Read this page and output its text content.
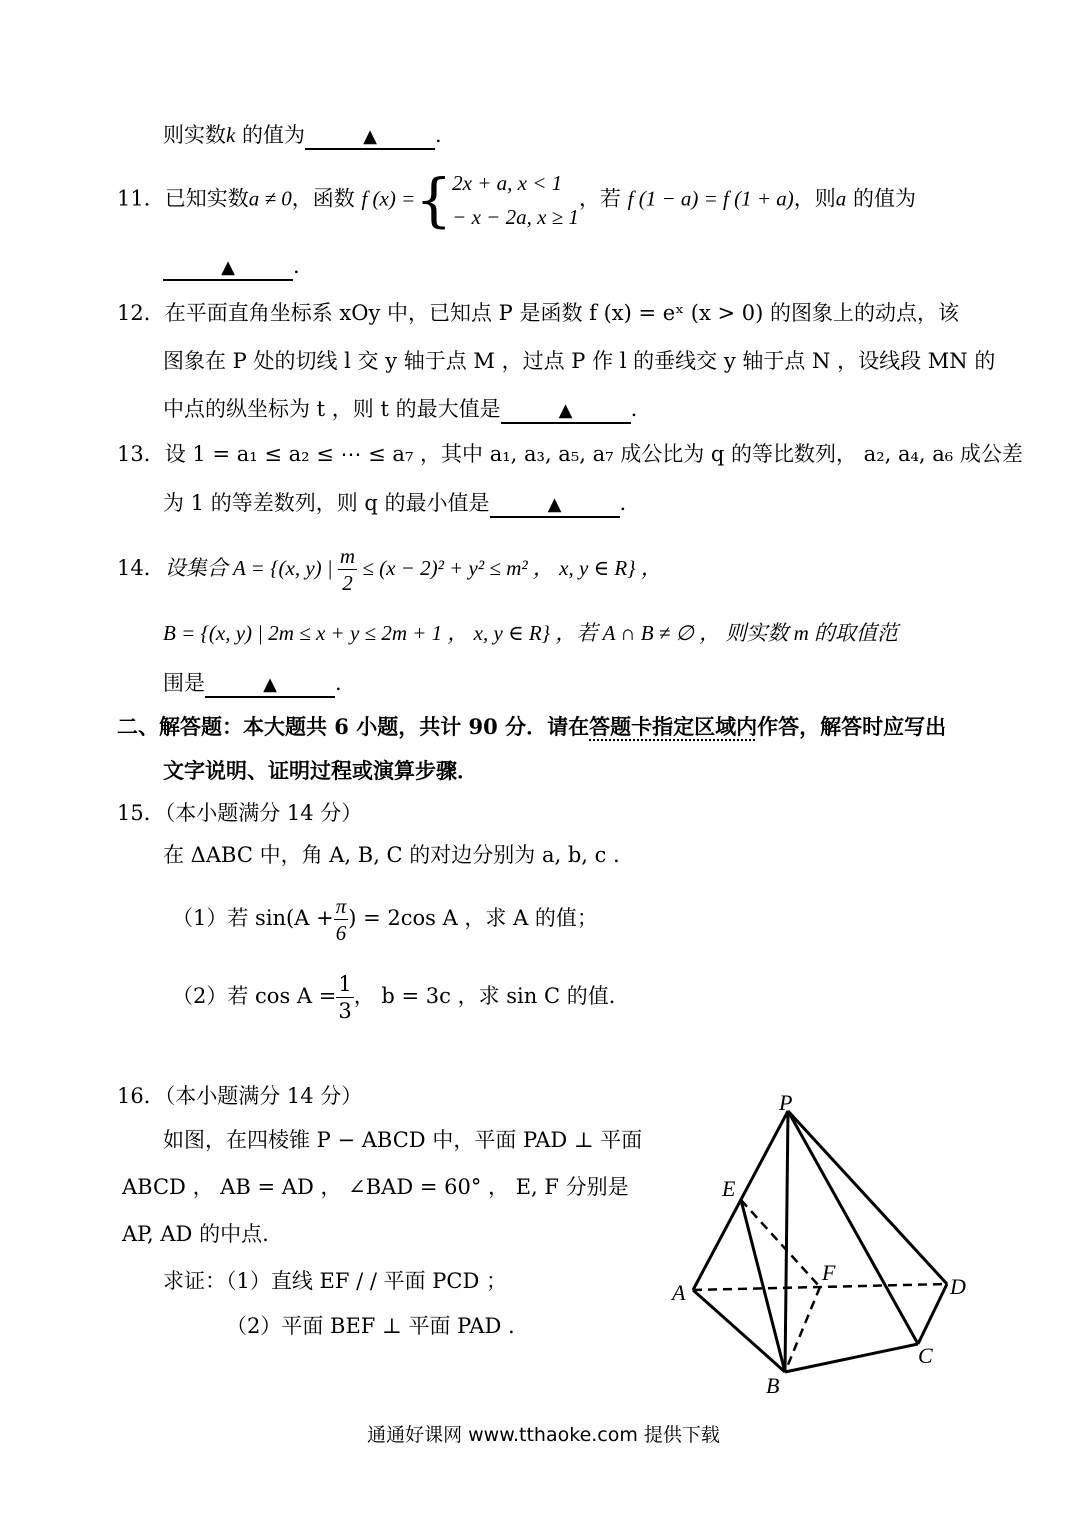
则实数k 的值为	▲	.
11．已知实数a ≠ 0，函数 f (x) ={ 2x + a, x < 1
− x − 2a, x ≥ 1
，若 f (1 − a) = f (1 + a)，则a 的值为
▲	.
12．在平面直角坐标系 xOy 中，已知点 P 是函数 f (x) = eˣ (x > 0) 的图象上的动点，该
图象在 P 处的切线 l 交 y 轴于点 M ，过点 P 作 l 的垂线交 y 轴于点 N ，设线段 MN 的
中点的纵坐标为 t ，则 t 的最大值是	▲	.
13．设 1 = a₁ ≤ a₂ ≤ ⋯ ≤ a₇ ，其中 a₁, a₃, a₅, a₇ 成公比为 q 的等比数列， a₂, a₄, a₆ 成公差
为 1 的等差数列，则 q 的最小值是	▲	.
14．设集合 A = {(x, y) | $\frac{m}{2} \le (x - 2)^2 + y^2 \le m^2$ ， x, y ∈ R} ，
B = {(x, y) | 2m ≤ x + y ≤ 2m + 1 ， x, y ∈ R} ，若 A ∩ B ≠ ∅ ， 则实数 m 的取值范
围是	▲	.
二、解答题：本大题共 6 小题，共计 90 分．请在答题卡指定区域内作答，解答时应写出
文字说明、证明过程或演算步骤．
15．（本小题满分 14 分）
在 ΔABC 中，角 A, B, C 的对边分别为 a, b, c ．
（1）若 $\sin(A + \frac{\pi}{6}$ ) = 2cos A ，求 A 的值；
（2）若 $\cos A = \frac{1}{3}$ ， b = 3c ，求 sin C 的值．
16．（本小题满分 14 分）
如图，在四棱锥 P − ABCD 中，平面 PAD ⊥ 平面
ABCD ， AB = AD ， ∠BAD = 60° ， E, F 分别是
AP, AD 的中点.
求证：（1）直线 EF / / 平面 PCD ；
（2）平面 BEF ⊥ 平面 PAD .
P
E
F
A	D
B
C
通通好课网 www.tthaoke.com 提供下载
